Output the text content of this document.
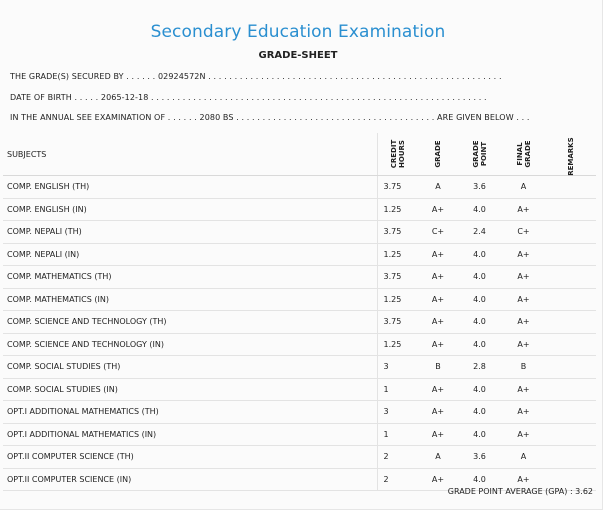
Secondary Education Examination
GRADE-SHEET
THE GRADE(S) SECURED BY . . . . . . 02924572N . . . . . . . . . . . . . . . . . . . . . . . . . . . . . . . . . . . . . . . . . . . . . . . . . . . . . . . .
DATE OF BIRTH . . . . . 2065-12-18 . . . . . . . . . . . . . . . . . . . . . . . . . . . . . . . . . . . . . . . . . . . . . . . . . . . . . . . . . . . . . . . .
IN THE ANNUAL SEE EXAMINATION OF . . . . . . 2080 BS . . . . . . . . . . . . . . . . . . . . . . . . . . . . . . . . . . . . . . ARE GIVEN BELOW . . .
SUBJECTS	CREDIT HOURS	GRADE	GRADE POINT	FINAL GRADE	REMARKS

COMP. ENGLISH (TH)	3.75	A	3.6	A	
COMP. ENGLISH (IN)	1.25	A+	4.0	A+	
COMP. NEPALI (TH)	3.75	C+	2.4	C+	
COMP. NEPALI (IN)	1.25	A+	4.0	A+	
COMP. MATHEMATICS (TH)	3.75	A+	4.0	A+	
COMP. MATHEMATICS (IN)	1.25	A+	4.0	A+	
COMP. SCIENCE AND TECHNOLOGY (TH)	3.75	A+	4.0	A+	
COMP. SCIENCE AND TECHNOLOGY (IN)	1.25	A+	4.0	A+	
COMP. SOCIAL STUDIES (TH)	3	B	2.8	B	
COMP. SOCIAL STUDIES (IN)	1	A+	4.0	A+	
OPT.I ADDITIONAL MATHEMATICS (TH)	3	A+	4.0	A+	
OPT.I ADDITIONAL MATHEMATICS (IN)	1	A+	4.0	A+	
OPT.II COMPUTER SCIENCE (TH)	2	A	3.6	A	
OPT.II COMPUTER SCIENCE (IN)	2	A+	4.0	A+	
GRADE POINT AVERAGE (GPA) : 3.62
